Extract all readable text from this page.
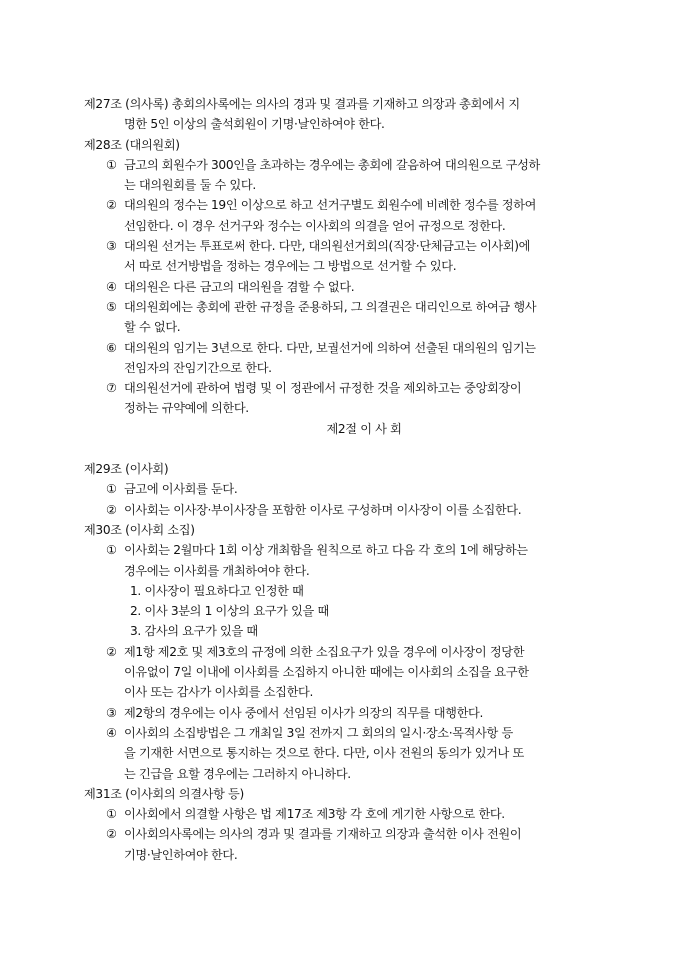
제27조 (의사록) 총회의사록에는 의사의 경과 및 결과를 기재하고 의장과 총회에서 지
명한 5인 이상의 출석회원이 기명·날인하여야 한다.
제28조 (대의원회)
① 금고의 회원수가 300인을 초과하는 경우에는 총회에 갈음하여 대의원으로 구성하
는 대의원회를 둘 수 있다.
② 대의원의 정수는 19인 이상으로 하고 선거구별도 회원수에 비례한 정수를 정하여
선임한다. 이 경우 선거구와 정수는 이사회의 의결을 얻어 규정으로 정한다.
③ 대의원 선거는 투표로써 한다. 다만, 대의원선거회의(직장·단체금고는 이사회)에
서 따로 선거방법을 정하는 경우에는 그 방법으로 선거할 수 있다.
④ 대의원은 다른 금고의 대의원을 겸할 수 없다.
⑤ 대의원회에는 총회에 관한 규정을 준용하되, 그 의결권은 대리인으로 하여금 행사
할 수 없다.
⑥ 대의원의 임기는 3년으로 한다. 다만, 보궐선거에 의하여 선출된 대의원의 임기는
전임자의 잔임기간으로 한다.
⑦ 대의원선거에 관하여 법령 및 이 정관에서 규정한 것을 제외하고는 중앙회장이
정하는 규약예에 의한다.
제2절 이 사 회
제29조 (이사회)
① 금고에 이사회를 둔다.
② 이사회는 이사장·부이사장을 포함한 이사로 구성하며 이사장이 이를 소집한다.
제30조 (이사회 소집)
① 이사회는 2월마다 1회 이상 개최함을 원칙으로 하고 다음 각 호의 1에 해당하는
경우에는 이사회를 개최하여야 한다.
1. 이사장이 필요하다고 인정한 때
2. 이사 3분의 1 이상의 요구가 있을 때
3. 감사의 요구가 있을 때
② 제1항 제2호 및 제3호의 규정에 의한 소집요구가 있을 경우에 이사장이 정당한
이유없이 7일 이내에 이사회를 소집하지 아니한 때에는 이사회의 소집을 요구한
이사 또는 감사가 이사회를 소집한다.
③ 제2항의 경우에는 이사 중에서 선임된 이사가 의장의 직무를 대행한다.
④ 이사회의 소집방법은 그 개최일 3일 전까지 그 회의의 일시·장소·목적사항 등
을 기재한 서면으로 통지하는 것으로 한다. 다만, 이사 전원의 동의가 있거나 또
는 긴급을 요할 경우에는 그러하지 아니하다.
제31조 (이사회의 의결사항 등)
① 이사회에서 의결할 사항은 법 제17조 제3항 각 호에 게기한 사항으로 한다.
② 이사회의사록에는 의사의 경과 및 결과를 기재하고 의장과 출석한 이사 전원이
기명·날인하여야 한다.
